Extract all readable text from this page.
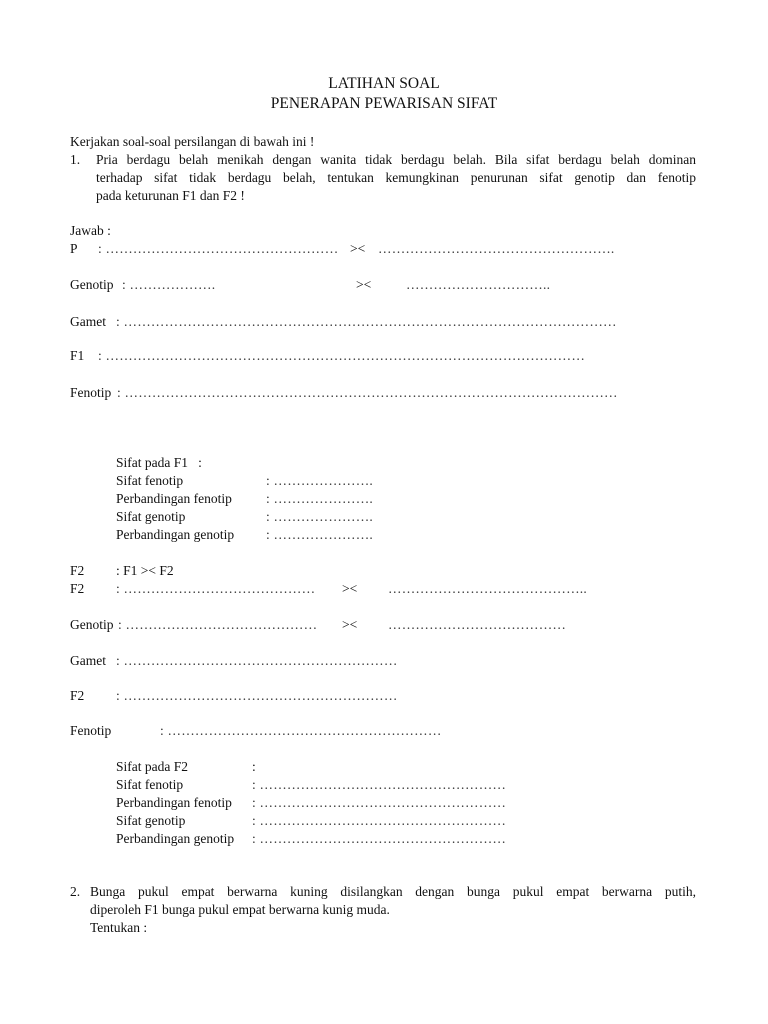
LATIHAN SOAL
PENERAPAN PEWARISAN SIFAT
Kerjakan soal-soal persilangan di bawah ini !
1. Pria berdagu belah menikah dengan wanita tidak berdagu belah. Bila sifat berdagu belah dominan
terhadap sifat tidak berdagu belah, tentukan kemungkinan penurunan sifat genotip dan fenotip
pada keturunan F1 dan F2 !
Jawab :
P : …………………………………………… >< …………………………………………….
Genotip : ……………….	><	…………………………..
Gamet : ………………………………………………………………………………………………
F1 : ……………………………………………………………………………………………
Fenotip : ………………………………………………………………………………………………
Sifat pada F1   :
Sifat fenotip	: ………………….
Perbandingan fenotip	: ………………….
Sifat genotip	: ………………….
Perbandingan genotip : ………………….
F2 : F1 >< F2
F2 : …………………………………… >< ……………………………………..
Genotip : …………………………………… >< …………………………………
Gamet : ……………………………………………………
F2 : ……………………………………………………
Fenotip	: ……………………………………………………
Sifat pada F2	:
Sifat fenotip	: ………………………………………………
Perbandingan fenotip : ………………………………………………
Sifat genotip	: ………………………………………………
Perbandingan genotip : ………………………………………………
2. Bunga pukul empat berwarna kuning disilangkan dengan bunga pukul empat berwarna putih,
diperoleh F1 bunga pukul empat berwarna kunig muda.
Tentukan :
